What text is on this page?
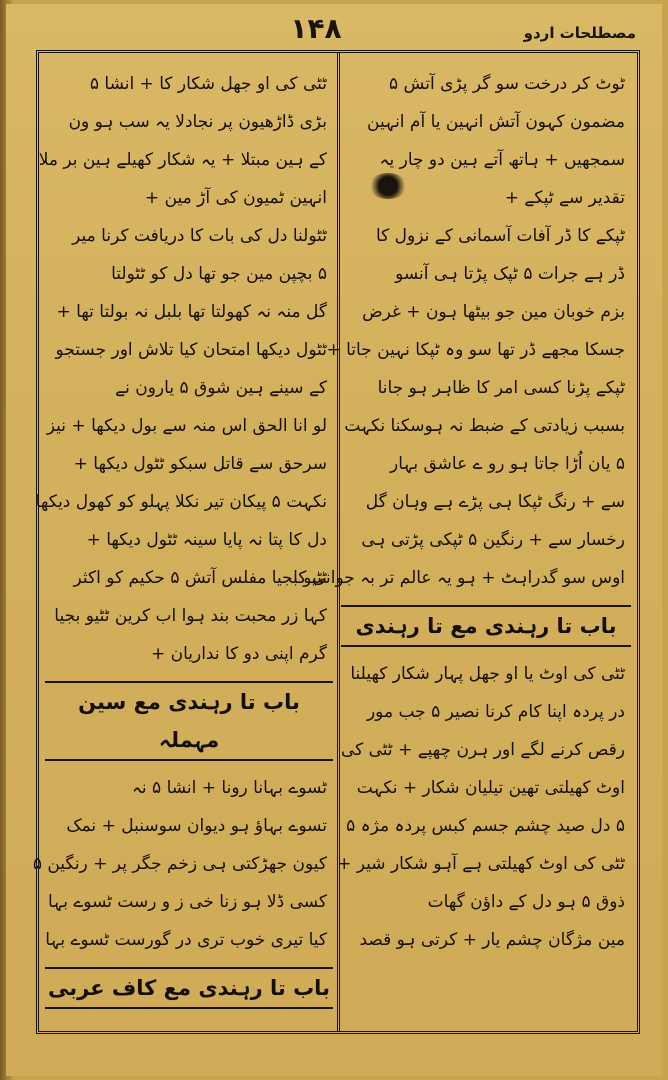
۱۴۸	مصطلحات اردو
ٹوٹ کر درخت سو گر پڑی آتش ۵
مضمون کہون آتش انہین یا آم انہین
سمجھیں + ہاتھ آتے ہین دو چار یہ
تقدیر سے ٹپکے +
ٹپکے کا ڈر آفات آسمانی کے نزول کا
ڈر ہے جرات ۵ ٹپک پڑتا ہی آنسو
بزم خوبان مین جو بیٹھا ہون + غرض
جسکا مجھے ڈر تھا سو وہ ٹپکا نہین جاتا +
ٹپکے پڑنا کسی امر کا ظاہر ہو جانا
بسبب زیادتی کے ضبط نہ ہوسکنا نکہت
۵ یان اُڑا جاتا ہو رو ے عاشق بہار
سے + رنگ ٹپکا ہی پڑے ہے وہان گل
رخسار سے + رنگین ۵ ٹپکی پڑتی ہی
اوس سو گدراہٹ + ہو یہ عالم تر بہ جوانی کا
باب تا رہندی مع تا رہندی
ٹٹی کی اوٹ یا او جھل پہار شکار کھیلنا
در پردہ اپنا کام کرنا نصیر ۵ جب مور
رقص کرنے لگے اور ہرن چھپے + ٹٹی کی
اوٹ کھیلتی تھین تیلیان شکار + نکہت
۵ دل صید چشم جسم کبس پردہ مژہ ۵
ٹٹی کی اوٹ کھیلتی ہے آہو شکار شیر +
ذوق ۵ ہو دل کے داؤن گھات
مین مژگان چشم یار + کرتی ہو قصد
ٹٹی کی او جھل شکار کا + انشا ۵
بڑی ڈاڑھیون پر نجادلا یہ سب ہو ون
کے ہین مبتلا + یہ شکار کھیلے ہین بر ملا
انہین ٹمیون کی آڑ مین +
ٹٹولنا دل کی بات کا دریافت کرنا میر
۵ بچپن مین جو تھا دل کو ٹٹولتا
گل منہ نہ کھولتا تھا بلبل نہ بولتا تھا +
ٹٹول دیکھا امتحان کیا تلاش اور جستجو
کے سینے ہین شوق ۵ یارون نے
لو انا الحق اس منہ سے بول دیکھا + نیز
سرحق سے قاتل سبکو ٹٹول دیکھا +
نکہت ۵ پیکان تیر نکلا پہلو کو کھول دیکھا
دل کا پتا نہ پایا سینہ ٹٹول دیکھا +
ٹٹیو بجیا مفلس آتش ۵ حکیم کو اکثر
کہا زر محبت بند ہوا اب کرین ٹٹیو بجیا
گرم اپنی دو کا نداریان +
باب تا رہندی مع سین مہملہ
ٹسوے بہانا رونا + انشا ۵ نہ
تسوے بہاؤ ہو دیوان سوسنبل + نمک
کیون جھڑکتی ہی زخم جگر پر + رنگین ۵
کسی ڈلا ہو زنا خی ز و رست ٹسوے بہا
کیا تیری خوب تری در گورست ٹسوے بہا
باب تا رہندی مع کاف عربی
